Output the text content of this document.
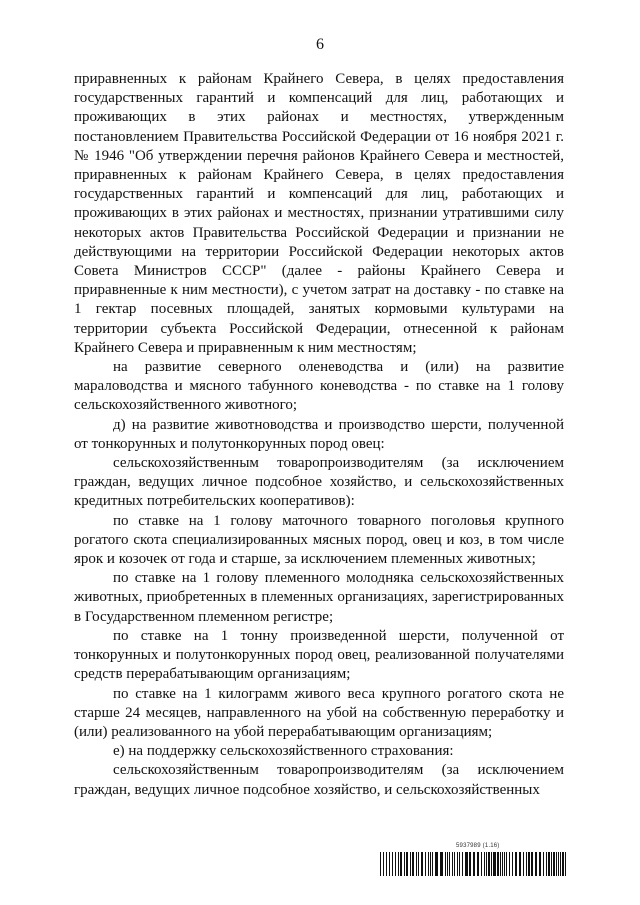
6

приравненных к районам Крайнего Севера, в целях предоставления государственных гарантий и компенсаций для лиц, работающих и проживающих в этих районах и местностях, утвержденным постановлением Правительства Российской Федерации от 16 ноября 2021 г. № 1946 "Об утверждении перечня районов Крайнего Севера и местностей, приравненных к районам Крайнего Севера, в целях предоставления государственных гарантий и компенсаций для лиц, работающих и проживающих в этих районах и местностях, признании утратившими силу некоторых актов Правительства Российской Федерации и признании не действующими на территории Российской Федерации некоторых актов Совета Министров СССР" (далее - районы Крайнего Севера и приравненные к ним местности), с учетом затрат на доставку - по ставке на 1 гектар посевных площадей, занятых кормовыми культурами на территории субъекта Российской Федерации, отнесенной к районам Крайнего Севера и приравненным к ним местностям;

на развитие северного оленеводства и (или) на развитие мараловодства и мясного табунного коневодства - по ставке на 1 голову сельскохозяйственного животного;

д) на развитие животноводства и производство шерсти, полученной от тонкорунных и полутонкорунных пород овец:

сельскохозяйственным товаропроизводителям (за исключением граждан, ведущих личное подсобное хозяйство, и сельскохозяйственных кредитных потребительских кооперативов):

по ставке на 1 голову маточного товарного поголовья крупного рогатого скота специализированных мясных пород, овец и коз, в том числе ярок и козочек от года и старше, за исключением племенных животных;

по ставке на 1 голову племенного молодняка сельскохозяйственных животных, приобретенных в племенных организациях, зарегистрированных в Государственном племенном регистре;

по ставке на 1 тонну произведенной шерсти, полученной от тонкорунных и полутонкорунных пород овец, реализованной получателями средств перерабатывающим организациям;

по ставке на 1 килограмм живого веса крупного рогатого скота не старше 24 месяцев, направленного на убой на собственную переработку и (или) реализованного на убой перерабатывающим организациям;

е) на поддержку сельскохозяйственного страхования:

сельскохозяйственным товаропроизводителям (за исключением граждан, ведущих личное подсобное хозяйство, и сельскохозяйственных

5937989 (1.16)
